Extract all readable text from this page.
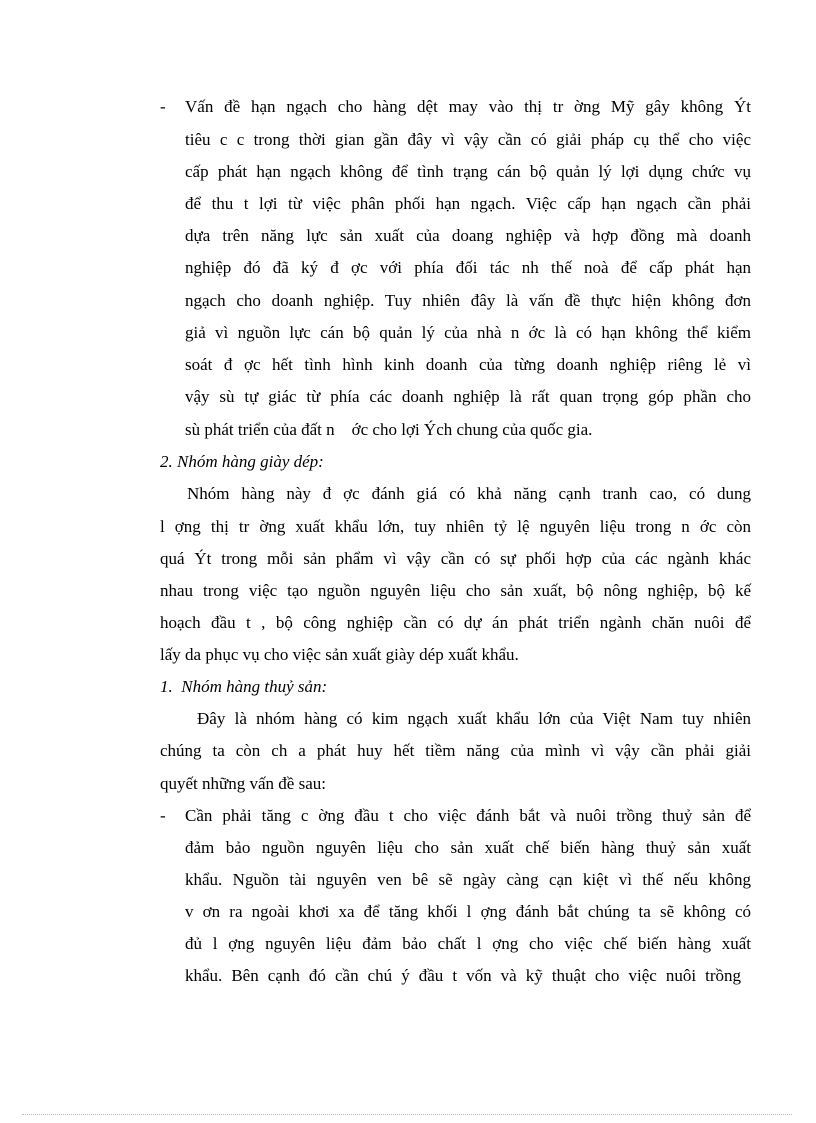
- Vấn đề hạn ngạch cho hàng dệt may vào thị tr ờng Mỹ gây không Ýt
tiêu c c trong thời gian gần đây vì vậy cần có giải pháp cụ thể cho việc
cấp phát hạn ngạch không để tình trạng cán bộ quản lý lợi dụng chức vụ
để thu t lợi từ việc phân phối hạn ngạch. Việc cấp hạn ngạch cần phải
dựa trên năng lực sản xuất của doang nghiệp và hợp đồng mà doanh
nghiệp đó đã ký đ ợc với phía đối tác nh thế noà để cấp phát hạn
ngạch cho doanh nghiệp. Tuy nhiên đây là vấn đề thực hiện không đơn
giả vì nguồn lực cán bộ quản lý của nhà n ớc là có hạn không thể kiểm
soát đ ợc hết tình hình kinh doanh của từng doanh nghiệp riêng lẻ vì
vậy sù tự giác từ phía các doanh nghiệp là rất quan trọng góp phần cho
sù phát triển của đất n    ớc cho lợi Ých chung của quốc gia.
2. Nhóm hàng giày dép:
Nhóm hàng này đ ợc đánh giá có khả năng cạnh tranh cao, có dung
l ợng thị tr ờng xuất khẩu lớn, tuy nhiên tỷ lệ nguyên liệu trong n ớc còn
quá Ýt trong mỗi sản phẩm vì vậy cần có sự phối hợp của các ngành khác
nhau trong việc tạo nguồn nguyên liệu cho sản xuất, bộ nông nghiệp, bộ kế
hoạch đầu t , bộ công nghiệp cần có dự án phát triển ngành chăn nuôi để
lấy da phục vụ cho việc sản xuất giày dép xuất khẩu.
1.  Nhóm hàng thuỷ sản:
Đây là nhóm hàng có kim ngạch xuất khẩu lớn của Việt Nam tuy nhiên
chúng ta còn ch a phát huy hết tiềm năng của mình vì vậy cần phải giải
quyết những vấn đề sau:
- Cần phải tăng c ờng đầu t cho việc đánh bắt và nuôi trồng thuỷ sản để
đảm bảo nguồn nguyên liệu cho sản xuất chế biến hàng thuỷ sản xuất
khẩu. Nguồn tài nguyên ven bê sẽ ngày càng cạn kiệt vì thế nếu không
v ơn ra ngoài khơi xa để tăng khối l ợng đánh bắt chúng ta sẽ không có
đủ l ợng nguyên liệu đảm bảo chất l ợng cho việc chế biến hàng xuất
khẩu. Bên cạnh đó cần chú ý đầu t vốn và kỹ thuật cho việc nuôi trồng
